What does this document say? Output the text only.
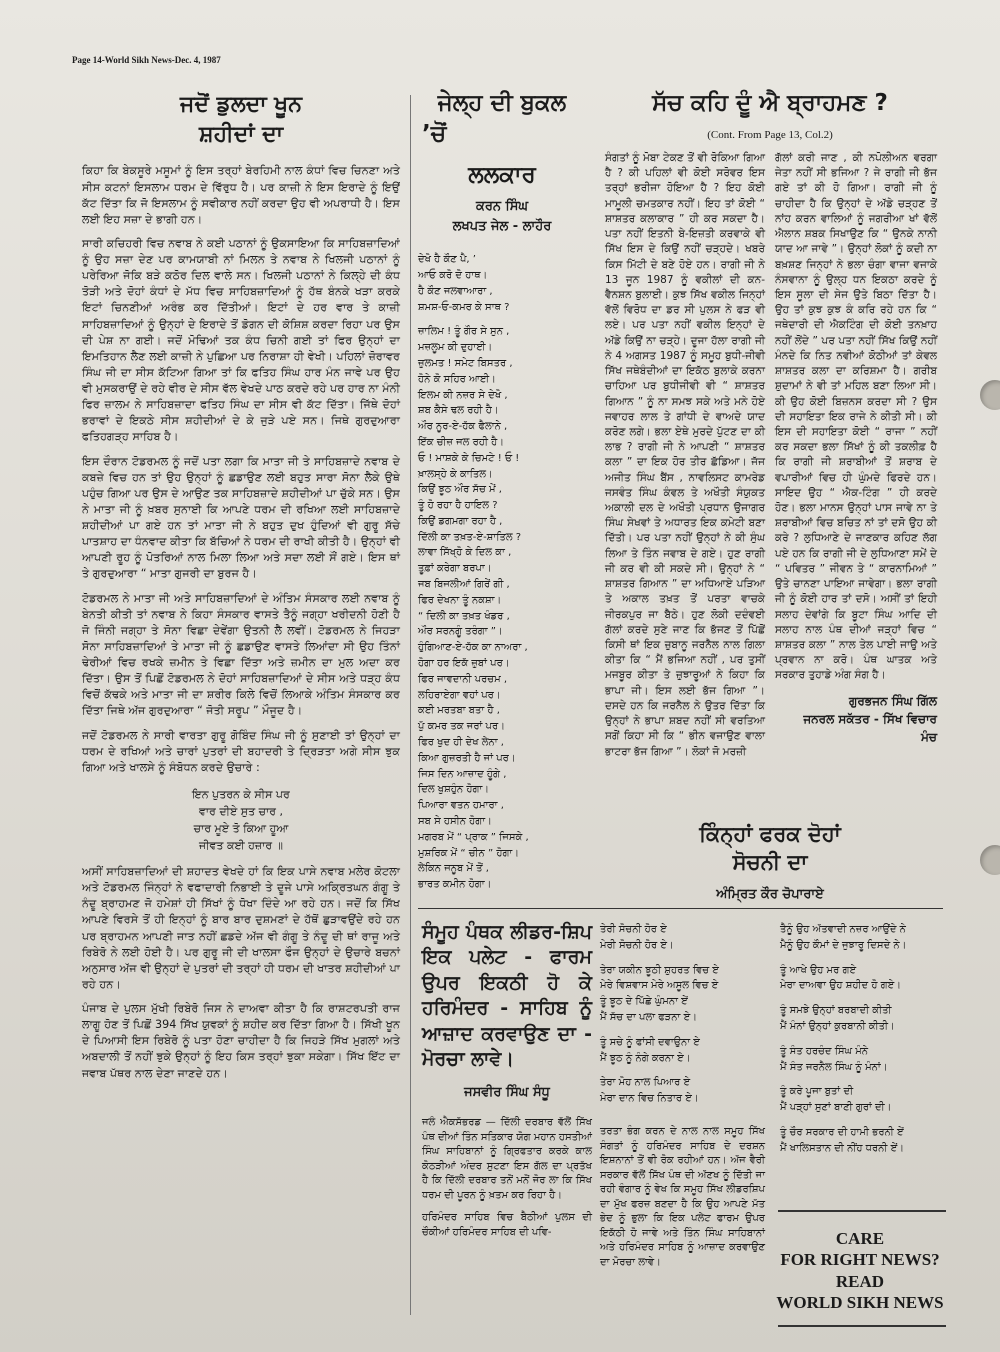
Page 14-World Sikh News-Dec. 4, 1987
ਜਦੋਂ ਡੁਲਦਾ ਖੂਨ
ਸ਼ਹੀਦਾਂ ਦਾ

ਕਿਹਾ ਕਿ ਬੇਕਸੂਰੇ ਮਸੂਮਾਂ ਨੂੰ ਇਸ ਤਰ੍ਹਾਂ ਬੇਰਹਿਮੀ ਨਾਲ ਕੰਧਾਂ ਵਿਚ ਚਿਨਣਾ ਅਤੇ ਸੀਸ ਕਟਨਾਂ ਇਸਲਾਮ ਧਰਮ ਦੇ ਵਿੱਰੁਧ ਹੈ। ਪਰ ਕਾਜ਼ੀ ਨੇ ਇਸ ਇਰਾਦੇ ਨੂੰ ਇਉਂ ਕੱਟ ਦਿੱਤਾ ਕਿ ਜੋ ਇਸਲਾਮ ਨੂੰ ਸਵੀਕਾਰ ਨਹੀਂ ਕਰਦਾ ਉਹ ਵੀ ਅਪਰਾਧੀ ਹੈ। ਇਸ ਲਈ ਇਹ ਸਜ਼ਾ ਦੇ ਭਾਗੀ ਹਨ।

ਸਾਰੀ ਕਚਿਹਰੀ ਵਿਚ ਨਵਾਬ ਨੇ ਕਈ ਪਠਾਨਾਂ ਨੂੰ ਉਕਸਾਇਆ ਕਿ ਸਾਹਿਬਜ਼ਾਦਿਆਂ ਨੂੰ ਉਹ ਸਜ਼ਾ ਦੇਣ ਪਰ ਕਾਮਯਾਬੀ ਨਾਂ ਮਿਲਨ ਤੇ ਨਵਾਬ ਨੇ ਖਿਲਜੀ ਪਠਾਨਾਂ ਨੂੰ ਪਰੇਰਿਆ ਜੋਕਿ ਬੜੇ ਕਠੋਰ ਦਿਲ ਵਾਲੇ ਸਨ। ਖਿਲਜੀ ਪਠਾਨਾਂ ਨੇ ਕਿਲ੍ਹੇ ਦੀ ਕੰਧ ਤੋੜੀ ਅਤੇ ਦੋਹਾਂ ਕੰਧਾਂ ਦੇ ਮੱਧ ਵਿਚ ਸਾਹਿਬਜ਼ਾਦਿਆਂ ਨੂੰ ਹੱਥ ਬੰਨਕੇ ਖੜਾ ਕਰਕੇ ਇਟਾਂ ਚਿਨਣੀਆਂ ਅਰੰਭ ਕਰ ਦਿੱਤੀਆਂ। ਇਟਾਂ ਦੇ ਹਰ ਵਾਰ ਤੇ ਕਾਜ਼ੀ ਸਾਹਿਬਜ਼ਾਦਿਆਂ ਨੂੰ ਉਨ੍ਹਾਂ ਦੇ ਇਰਾਦੇ ਤੋਂ ਡੋਗਨ ਦੀ ਕੋਸ਼ਿਸ਼ ਕਰਦਾ ਰਿਹਾ ਪਰ ਉਸ ਦੀ ਪੇਸ਼ ਨਾ ਗਈ। ਜਦੋਂ ਮੋਢਿਆਂ ਤਕ ਕੰਧ ਚਿਨੀ ਗਈ ਤਾਂ ਫਿਰ ਉਨ੍ਹਾਂ ਦਾ ਇਮਤਿਹਾਨ ਲੈਣ ਲਈ ਕਾਜ਼ੀ ਨੇ ਪੁਛਿਆ ਪਰ ਨਿਰਾਸ਼ਾ ਹੀ ਵੇਖੀ। ਪਹਿਲਾਂ ਜ਼ੋਰਾਵਰ ਸਿੰਘ ਜੀ ਦਾ ਸੀਸ ਕੱਟਿਆ ਗਿਆ ਤਾਂ ਕਿ ਫਤਿਹ ਸਿੰਘ ਹਾਰ ਮੰਨ ਜਾਵੇ ਪਰ ਉਹ ਵੀ ਮੁਸਕਰਾਉਂ ਦੇ ਰਹੇ ਵੀਰ ਦੇ ਸੀਸ ਵੱਲ ਵੇਖਦੇ ਪਾਠ ਕਰਦੇ ਰਹੇ ਪਰ ਹਾਰ ਨਾ ਮੰਨੀ ਫਿਰ ਜ਼ਾਲਮ ਨੇ ਸਾਹਿਬਜ਼ਾਦਾ ਫਤਿਹ ਸਿੰਘ ਦਾ ਸੀਸ ਵੀ ਕੱਟ ਦਿੱਤਾ। ਜਿੱਥੇ ਦੋਹਾਂ ਭਰਾਵਾਂ ਦੇ ਇਕਠੇ ਸੀਸ ਸ਼ਹੀਦੀਆਂ ਦੇ ਕੇ ਜੁੜੇ ਪਏ ਸਨ। ਜਿਥੇ ਗੁਰਦੁਆਰਾ ਫਤਿਹਗੜ੍ਹ ਸਾਹਿਬ ਹੈ।

ਇਸ ਦੌਰਾਨ ਟੋਡਰਮਲ ਨੂੰ ਜਦੋਂ ਪਤਾ ਲਗਾ ਕਿ ਮਾਤਾ ਜੀ ਤੇ ਸਾਹਿਬਜ਼ਾਦੇ ਨਵਾਬ ਦੇ ਕਬਜ਼ੇ ਵਿਚ ਹਨ ਤਾਂ ਉਹ ਉਨ੍ਹਾਂ ਨੂੰ ਛਡਾਉਣ ਲਈ ਬਹੁਤ ਸਾਰਾ ਸੋਨਾ ਲੈਕੇ ਉਥੇ ਪਹੁੰਚ ਗਿਆ ਪਰ ਉਸ ਦੇ ਆਉਣ ਤਕ ਸਾਹਿਬਜ਼ਾਦੇ ਸ਼ਹੀਦੀਆਂ ਪਾ ਚੁੱਕੇ ਸਨ। ਉਸ ਨੇ ਮਾਤਾ ਜੀ ਨੂੰ ਖ਼ਬਰ ਸੁਨਾਈ ਕਿ ਆਪਣੇ ਧਰਮ ਦੀ ਰਖਿਆ ਲਈ ਸਾਹਿਬਜ਼ਾਦੇ ਸ਼ਹੀਦੀਆਂ ਪਾ ਗਏ ਹਨ ਤਾਂ ਮਾਤਾ ਜੀ ਨੇ ਬਹੁਤ ਦੁਖ ਹੁੰਦਿਆਂ ਵੀ ਗੁਰੂ ਸੱਚੇ ਪਾਤਸ਼ਾਹ ਦਾ ਧੰਨਵਾਦ ਕੀਤਾ ਕਿ ਬੱਚਿਆਂ ਨੇ ਧਰਮ ਦੀ ਰਾਖੀ ਕੀਤੀ ਹੈ। ਉਨ੍ਹਾਂ ਵੀ ਆਪਣੀ ਰੂਹ ਨੂੰ ਪੋਤਰਿਆਂ ਨਾਲ ਮਿਲਾ ਲਿਆ ਅਤੇ ਸਦਾ ਲਈ ਸੌਂ ਗਏ। ਇਸ ਥਾਂ ਤੇ ਗੁਰਦੁਆਰਾ “ ਮਾਤਾ ਗੁਜਰੀ ਦਾ ਬੁਰਜ ਹੈ।

ਟੋਡਰਮਲ ਨੇ ਮਾਤਾ ਜੀ ਅਤੇ ਸਾਹਿਬਜ਼ਾਦਿਆਂ ਦੇ ਅੰਤਿਮ ਸੰਸਕਾਰ ਲਈ ਨਵਾਬ ਨੂੰ ਬੇਨਤੀ ਕੀਤੀ ਤਾਂ ਨਵਾਬ ਨੇ ਕਿਹਾ ਸੰਸਕਾਰ ਵਾਸਤੇ ਤੈਨੂੰ ਜਗ੍ਹਾ ਖਰੀਦਨੀ ਹੋਣੀ ਹੈ ਜੋ ਜਿੰਨੀ ਜਗ੍ਹਾ ਤੇ ਸੋਨਾ ਵਿਛਾ ਦੇਵੇਂਗਾ ਉਤਨੀ ਲੈ ਲਵੀਂ। ਟੋਡਰਮਲ ਨੇ ਜਿਹੜਾ ਸੋਨਾ ਸਾਹਿਬਜ਼ਾਦਿਆਂ ਤੇ ਮਾਤਾ ਜੀ ਨੂੰ ਛਡਾਉਣ ਵਾਸਤੇ ਲਿਆਂਦਾ ਸੀ ਉਹ ਤਿੰਨਾਂ ਢੇਰੀਆਂ ਵਿਚ ਰਖਕੇ ਜ਼ਮੀਨ ਤੇ ਵਿਛਾ ਦਿੱਤਾ ਅਤੇ ਜ਼ਮੀਨ ਦਾ ਮੁਲ ਅਦਾ ਕਰ ਦਿੱਤਾ। ਉਸ ਤੋਂ ਪਿਛੋਂ ਟੋਡਰਮਲ ਨੇ ਦੋਹਾਂ ਸਾਹਿਬਜ਼ਾਦਿਆਂ ਦੇ ਸੀਸ ਅਤੇ ਧੜ੍ਹ ਕੰਧ ਵਿਚੋਂ ਕੱਢਕੇ ਅਤੇ ਮਾਤਾ ਜੀ ਦਾ ਸ਼ਰੀਰ ਕਿਲੇ ਵਿਚੋਂ ਲਿਆਕੇ ਅੰਤਿਮ ਸੰਸਕਾਰ ਕਰ ਦਿੱਤਾ ਜਿਥੇ ਅੱਜ ਗੁਰਦੁਆਰਾ “ ਜੋਤੀ ਸਰੂਪ ” ਮੌਜੂਦ ਹੈ।

ਜਦੋਂ ਟੋਡਰਮਲ ਨੇ ਸਾਰੀ ਵਾਰਤਾ ਗੁਰੂ ਗੋਬਿੰਦ ਸਿੰਘ ਜੀ ਨੂੰ ਸੁਣਾਈ ਤਾਂ ਉਨ੍ਹਾਂ ਦਾ ਧਰਮ ਦੇ ਰਖਿਆਂ ਅਤੇ ਚਾਰਾਂ ਪੁਤਰਾਂ ਦੀ ਬਹਾਦਰੀ ਤੇ ਦ੍ਰਿੜਤਾ ਅਗੇ ਸੀਸ ਝੁਕ ਗਿਆ ਅਤੇ ਖਾਲਸੇ ਨੂੰ ਸੰਬੋਧਨ ਕਰਦੇ ਉਚਾਰੇ :

ਇਨ ਪੁਤਰਨ ਕੇ ਸੀਸ ਪਰ
ਵਾਰ ਦੀਏ ਸੁਤ ਚਾਰ ,
ਚਾਰ ਮੂਏ ਤੋ ਕਿਆ ਹੂਆ
ਜੀਵਤ ਕਈ ਹਜ਼ਾਰ ॥

ਅਸੀਂ ਸਾਹਿਬਜ਼ਾਦਿਆਂ ਦੀ ਸ਼ਹਾਦਤ ਵੇਖਦੇ ਹਾਂ ਕਿ ਇਕ ਪਾਸੇ ਨਵਾਬ ਮਲੇਰ ਕੋਟਲਾ ਅਤੇ ਟੋਡਰਮਲ ਜਿੰਨ੍ਹਾਂ ਨੇ ਵਫਾਦਾਰੀ ਨਿਭਾਈ ਤੇ ਦੂਜੇ ਪਾਸੇ ਅਕ੍ਰਿਤਘਨ ਗੰਗੂ ਤੇ ਨੰਦੂ ਬ੍ਰਾਹਮਣ ਜੋ ਹਮੇਸ਼ਾਂ ਹੀ ਸਿੱਖਾਂ ਨੂੰ ਧੋਖਾ ਦਿੰਦੇ ਆ ਰਹੇ ਹਨ। ਜਦੋਂ ਕਿ ਸਿੱਖ ਆਪਣੇ ਵਿਰਸੇ ਤੋਂ ਹੀ ਇਨ੍ਹਾਂ ਨੂੰ ਬਾਰ ਬਾਰ ਦੁਸ਼ਮਣਾਂ ਦੇ ਹੱਥੋਂ ਛੁੜਾਵਉਂਦੇ ਰਹੇ ਹਨ ਪਰ ਬ੍ਰਾਹਮਨ ਆਪਣੀ ਜਾਤ ਨਹੀਂ ਛਡਦੇ ਅੱਜ ਵੀ ਗੰਗੂ ਤੇ ਨੰਦੂ ਦੀ ਥਾਂ ਰਾਜੂ ਅਤੇ ਰਿਬੇਰੋ ਨੇ ਲਈ ਹੋਈ ਹੈ। ਪਰ ਗੁਰੂ ਜੀ ਦੀ ਖਾਲਸਾ ਫੌਜ ਉਨ੍ਹਾਂ ਦੇ ਉਚਾਰੇ ਬਚਨਾਂ ਅਨੁਸਾਰ ਅੱਜ ਵੀ ਉਨ੍ਹਾਂ ਦੇ ਪੁਤਰਾਂ ਦੀ ਤਰ੍ਹਾਂ ਹੀ ਧਰਮ ਦੀ ਖਾਤਰ ਸ਼ਹੀਦੀਆਂ ਪਾ ਰਹੇ ਹਨ।

ਪੰਜਾਬ ਦੇ ਪੁਲਸ ਮੁੱਖੀ ਰਿਬੇਰੋ ਜਿਸ ਨੇ ਦਾਅਵਾ ਕੀਤਾ ਹੈ ਕਿ ਰਾਸ਼ਟਰਪਤੀ ਰਾਜ ਲਾਗੂ ਹੋਣ ਤੋਂ ਪਿਛੋਂ 394 ਸਿੱਖ ਯੁਵਕਾਂ ਨੂੰ ਸ਼ਹੀਦ ਕਰ ਦਿੱਤਾ ਗਿਆ ਹੈ। ਸਿੱਖੀ ਖੂਨ ਦੇ ਪਿਆਸੀ ਇਸ ਰਿਬੇਰੋ ਨੂੰ ਪਤਾ ਹੋਣਾ ਚਾਹੀਦਾ ਹੈ ਕਿ ਜਿਹੜੇ ਸਿੱਖ ਮੁਗਲਾਂ ਅਤੇ ਅਬਦਾਲੀ ਤੋਂ ਨਹੀਂ ਝੁਕੇ ਉਨ੍ਹਾਂ ਨੂੰ ਇਹ ਕਿਸ ਤਰ੍ਹਾਂ ਝੁਕਾ ਸਕੇਗਾ। ਸਿੱਖ ਇੱਟ ਦਾ ਜਵਾਬ ਪੱਥਰ ਨਾਲ ਦੇਣਾ ਜਾਣਦੇ ਹਨ।

ਜੇਲ੍ਹ ਦੀ ਬੁਕਲ
’ਚੋਂ
ਲਲਕਾਰ
ਕਰਨ ਸਿੰਘ
ਲਖਪਤ ਜੇਲ - ਲਾਹੌਰ
ਦੇਖੋ ਹੈ ਕੌਣ ਪੈ, ’
ਆਓ ਕਰੋ ਦੋ ਹਾਥ।
ਹੈ ਕੌਣ ਜਲਵਾਆਰਾ ,
ਸ਼ਮਸ਼-ਓ-ਕਮਰ ਕੇ ਸਾਥ ?
ਜ਼ਾਲਿਮ ! ਤੂੰ ਗੌਰ ਸੇ ਸੁਨ ,
ਮਜ਼ਲੂਮ ਕੀ ਦੁਹਾਈ।
ਜ਼ੁਲਮਤ ! ਸਮੇਟ ਬਿਸਤਰ ,
ਹੋਨੇ ਕੋ ਸਹਿਰ ਆਈ।
ਇਲਮ ਕੀ ਨਜ਼ਰ ਸੇ ਦੇਖੋ ,
ਸ਼ਬ ਕੈਸੇ ਢਲ ਰਹੀ ਹੈ।
ਔਰ ਨੂਰ-ਏ-ਹੱਕ ਫੈਲਾਨੇ ,
ਇੱਕ ਚੀਜ਼ ਜਲ ਰਹੀ ਹੈ।
ਓ ! ਮਾਸ਼ਕੇ ਕੇ ਚਿਮਟੇ ! ਓ !
ਖ਼ਾਲਸ੍ਹੇ ਕੇ ਕਾਤਿਲ।
ਕਿਉਂ ਝੂਠ ਔਰ ਸੱਚ ਮੇਂ ,
ਤੂੰ ਹੋ ਰਹਾ ਹੈ ਹਾਇਲ ?
ਕਿਉਂ ਡਗਮਗਾ ਰਹਾ ਹੈ ,
ਦਿੱਲੀ ਕਾ ਤਖ਼ਤ-ਏ-ਸ਼ਾਤਿਲ ?
ਲਾਵਾ ਸਿੱਖ੍ਹੋ ਕੇ ਦਿਲ ਕਾ ,
ਤੂਫ਼ਾਂ ਕਰੇਗਾ ਬਰਪਾ।
ਜਬ ਬਿਜਲੀਆਂ ਗਿਰੇਂ ਗੀ ,
ਫਿਰ ਦੇਖਨਾ ਤੂੰ ਨਕਸ਼ਾ।
“ ਦਿਲੀ ਕਾ ਤਖ਼ਤ ਖੰਡਰ ,
ਔਰ ਸਰਨਗੂੰ ਤਰੰਗਾ ”।
ਹੁੰਗਿਆਣ-ਏ-ਹੱਕ ਕਾ ਨਾਅਰਾ ,
ਹੋਗਾ ਹਰ ਇਕੱ ਜ਼ੁਬਾਂ ਪਰ।
ਫਿਰ ਜਾਵਦਾਨੀ ਪਰਚਮ ,
ਲਹਿਰਾਏਗਾ ਵਹਾਂ ਪਰ।
ਕਈ ਮਰਤਬਾ ਬਤਾ ਹੈ ,
ਪੁੱ ਕਮਰ ਤਕ ਜਰਾਂ ਪਰ।
ਫਿਰ ਖੁਦ ਹੀ ਦੇਖ ਲੇਨਾ ,
ਕਿਆ ਗੁਜ਼ਰਤੀ ਹੈ ਜਾਂ ਪਰ।
ਜਿਸ ਦਿਨ ਆਜ਼ਾਦ ਹੂੰਗੇ ,
ਦਿਲ ਖੁਸ਼ਹੁੰਨ ਹੋਗਾ।
ਪਿਆਰਾ ਵਤਨ ਹਮਾਰਾ ,
ਸਬ ਸੇ ਹਸੀਨ ਹੋਗਾ।
ਮਗਰਬ ਮੇਂ “ ਪ੍ਰਾਕ ” ਜਿਸਕੇ ,
ਮੁਸ਼ਰਿਕ ਮੇਂ “ ਚੀਨ ” ਹੋਗਾ।
ਲੇਕਿਨ ਜਨੂਬ ਮੇਂ ਤੋਂ ,
ਭਾਰਤ ਕਮੀਨ ਹੋਗਾ।
ਸੱਚ ਕਹਿ ਦੂੰ ਐ ਬ੍ਰਾਹਮਣ ?
(Cont. From Page 13, Col.2)

ਸੰਗਤਾਂ ਨੂੰ ਮੋਬਾ ਟੇਕਣ ਤੋਂ ਵੀ ਰੋਕਿਆ ਗਿਆ ਹੈ ? ਕੀ ਪਹਿਲਾਂ ਵੀ ਕੋਈ ਸਰੋਵਰ ਇਸ ਤਰ੍ਹਾਂ ਭਰੀਜਾ ਹੋਇਆ ਹੈ ? ਇਹ ਕੋਈ ਮਾਮੂਲੀ ਚਮਤਕਾਰ ਨਹੀਂ। ਇਹ ਤਾਂ ਕੋਈ “ ਸ਼ਾਸ਼ਤਰ ਕਲਾਕਾਰ ” ਹੀ ਕਰ ਸਕਦਾ ਹੈ। ਪਤਾ ਨਹੀਂ ਇਤਨੀ ਬੇ-ਇਜ਼ਤੀ ਕਰਵਾਕੇ ਵੀ ਸਿੱਖ ਇਸ ਦੇ ਕਿਉਂ ਨਹੀਂ ਚੜ੍ਹਦੇ। ਖਬਰੇ ਕਿਸ ਮਿੱਟੀ ਦੇ ਬਣੇ ਹੋਏ ਹਨ। ਰਾਗੀ ਜੀ ਨੇ 13 ਜੂਨ 1987 ਨੂੰ ਵਕੀਲਾਂ ਦੀ ਕਨ-ਵੈਨਸ਼ਨ ਬੁਲਾਈ। ਕੁਝ ਸਿੱਖ ਵਕੀਲ ਜਿਨ੍ਹਾਂ ਵੱਲੋਂ ਵਿਰੋਧ ਦਾ ਡਰ ਸੀ ਪੁਲਸ ਨੇ ਫੜ ਵੀ ਲਏ। ਪਰ ਪਤਾ ਨਹੀਂ ਵਕੀਲ ਇਨ੍ਹਾਂ ਦੇ ਅੱਡੇ ਕਿਉਂ ਨਾ ਚੜ੍ਹੇ। ਦੂਜਾ ਹੱਲਾ ਰਾਗੀ ਜੀ ਨੇ 4 ਅਗਸਤ 1987 ਨੂੰ ਸਮੂਹ ਬੁਧੀ-ਜੀਵੀ ਸਿੱਖ ਜਥੇਬੰਦੀਆਂ ਦਾ ਇਕੱਠ ਬੁਲਾਕੇ ਕਰਨਾ ਚਾਹਿਆ ਪਰ ਬੁਧੀਜੀਵੀ ਵੀ “ ਸ਼ਾਸ਼ਤਰ ਗਿਆਨ ” ਨੂੰ ਨਾ ਸਮਝ ਸਕੇ ਅਤੇ ਮਨੇ ਹੋਏ ਜਵਾਹਰ ਲਾਲ ਤੇ ਗਾਂਧੀ ਦੇ ਵਾਅਦੇ ਯਾਦ ਕਰੋਣ ਲਗੇ। ਭਲਾ ਏਥੇ ਮੁਰਦੇ ਪੁੱਟਣ ਦਾ ਕੀ ਲਾਭ ? ਰਾਗੀ ਜੀ ਨੇ ਆਪਣੀ “ ਸ਼ਾਸ਼ਤਰ ਕਲਾ ” ਦਾ ਇਕ ਹੋਰ ਤੀਰ ਛੱਡਿਆ। ਜੱਜ ਅਜੀਤ ਸਿੰਘ ਬੈਂਸ , ਨਾਵਲਿਸਟ ਕਾਮਰੇਡ ਜਸਵੰਤ ਸਿੰਘ ਕੰਵਲ ਤੇ ਅਖੌਤੀ ਸੰਯੁਕਤ ਅਕਾਲੀ ਦਲ ਦੇ ਅਖੌਤੀ ਪ੍ਰਧਾਨ ਉਜਾਗਰ ਸਿੰਘ ਸੇਖਵਾਂ ਤੇ ਅਧਾਰਤ ਇਕ ਕਮੇਟੀ ਬਣਾ ਦਿੱਤੀ। ਪਰ ਪਤਾ ਨਹੀਂ ਉਨ੍ਹਾਂ ਨੇ ਕੀ ਸੁੰਘ ਲਿਆ ਤੇ ਤਿੰਨ ਜਵਾਬ ਦੇ ਗਏ। ਹੁਣ ਰਾਗੀ ਜੀ ਕਰ ਵੀ ਕੀ ਸਕਦੇ ਸੀ। ਉਨ੍ਹਾਂ ਨੇ “ ਸ਼ਾਸ਼ਤਰ ਗਿਆਨ ” ਦਾ ਅਧਿਆਏ ਪੜਿਆ ਤੇ ਅਕਾਲ ਤਖ਼ਤ ਤੋਂ ਪਰਤਾ ਵਾਚਕੇ ਜੀਰਕਪੁਰ ਜਾ ਬੈਠੇ। ਹੁਣ ਲੋਕੀ ਦਦੰਵਈ ਗੱਲਾਂ ਕਰਦੇ ਸੁਣੇ ਜਾਣ ਕਿ ਭੱਜਣ ਤੋਂ ਪਿੱਛੋਂ ਕਿਸੀ ਥਾਂ ਇਕ ਜ਼ੁਬਾਨੂ ਜਰਨੈਲ ਨਾਲ ਗਿਲਾ ਕੀਤਾ ਕਿ “ ਮੈਂ ਭਜਿਆ ਨਹੀਂ , ਪਰ ਤੁਸੀਂ ਮਜਬੂਰ ਕੀਤਾ ਤੇ ਜ਼ੁਝਾਰੂਆਂ ਨੇ ਕਿਹਾ ਕਿ ਭਾਪਾ ਜੀ। ਇਸ ਲਈ ਭੱਜ ਗਿਆ ”। ਦਸਦੇ ਹਨ ਕਿ ਜਰਨੈਲ ਨੇ ਉਤਰ ਦਿੱਤਾ ਕਿ ਉਨ੍ਹਾਂ ਨੇ ਭਾਪਾ ਸ਼ਬਦ ਨਹੀਂ ਸੀ ਵਰਤਿਆ ਸਗੋਂ ਕਿਹਾ ਸੀ ਕਿ “ ਭੀਨ ਵਜਾਉਣ ਵਾਲਾ ਭਾਟਰਾ ਭੱਜ ਗਿਆ ”। ਲੋਕਾਂ ਜੋ ਮਰਜ਼ੀ

ਗੱਲਾਂ ਕਰੀ ਜਾਣ , ਕੀ ਨਪੋਲੀਅਨ ਵਰਗਾ ਜੇਤਾ ਨਹੀਂ ਸੀ ਭਜਿਆ ? ਜੇ ਰਾਗੀ ਜੀ ਭੱਜ ਗਏ ਤਾਂ ਕੀ ਹੋ ਗਿਆ। ਰਾਗੀ ਜੀ ਨੂੰ ਚਾਹੀਦਾ ਹੈ ਕਿ ਉਨ੍ਹਾਂ ਦੇ ਅੱਡੇ ਚੜ੍ਹਣ ਤੋਂ ਨਾਂਹ ਕਰਨ ਵਾਲਿਆਂ ਨੂੰ ਜਗਰੀਆ ਖਾਂ ਵੱਲੋਂ ਐਲਾਨ ਸ਼ਬਕ ਸਿਖਾਉਣ ਕਿ “ ਉਨਕੇ ਨਾਨੀ ਯਾਦ ਆ ਜਾਵੇ ”। ਉਨ੍ਹਾਂ ਲੋਕਾਂ ਨੂੰ ਕਦੀ ਨਾ ਬਖ਼ਸ਼ਣ ਜਿਨ੍ਹਾਂ ਨੇ ਭਲਾ ਚੰਗਾ ਵਾਜਾ ਵਜਾਕੇ ਨੰਸਵਾਨਾ ਨੂੰ ਉਲ੍ਹ ਧਨ ਇਕਠਾ ਕਰਦੇ ਨੂੰ ਇਸ ਸੂਲਾ ਦੀ ਸੇਜ ਉਤੇ ਬਿਠਾ ਦਿੱਤਾ ਹੈ। ਉਹ ਤਾਂ ਕੁਝ ਕੁਝ ਕੰ ਕਰਿ ਰਹੇ ਹਨ ਕਿ “ ਜਥੇਦਾਰੀ ਦੀ ਐਕਟਿੰਗ ਦੀ ਕੋਈ ਤਨਖ਼ਾਹ ਨਹੀਂ ਲੋਂਦੇ ” ਪਰ ਪਤਾ ਨਹੀਂ ਸਿੱਖ ਕਿਉਂ ਨਹੀਂ ਮੰਨਦੇ ਕਿ ਨਿਤ ਨਵੀਆਂ ਕੋਠੀਆਂ ਤਾਂ ਕੇਵਲ ਸ਼ਾਸ਼ਤਰ ਕਲਾ ਦਾ ਕਰਿਸ਼ਮਾ ਹੈ। ਗਰੀਬ ਸ਼ੁਦਾਮਾਂ ਨੇ ਵੀ ਤਾਂ ਮਹਿਲ ਬਣਾ ਲਿਆ ਸੀ। ਕੀ ਉਹ ਕੋਈ ਬਿਜ਼ਨਸ ਕਰਦਾ ਸੀ ? ਉਸ ਦੀ ਸਹਾਇਤਾ ਇਕ ਰਾਜੇ ਨੇ ਕੀਤੀ ਸੀ। ਕੀ ਇਸ ਦੀ ਸਹਾਇਤਾ ਕੋਈ “ ਰਾਜਾ ” ਨਹੀਂ ਕਰ ਸਕਦਾ ਭਲਾ ਸਿੱਖਾਂ ਨੂੰ ਕੀ ਤਕਲੀਫ਼ ਹੈ ਕਿ ਰਾਗੀ ਜੀ ਸ਼ਰਾਬੀਆਂ ਤੋਂ ਸ਼ਰਾਬ ਦੇ ਵਪਾਰੀਆਂ ਵਿਚ ਹੀ ਘੁੰਮਦੇ ਫਿਰਦੇ ਹਨ। ਸਾਇਦ ਉਹ “ ਐਕ-ਟਿੰਗ ” ਹੀ ਕਰਦੇ ਹੋਣ। ਭਲਾ ਮਾਨਸ ਉਨ੍ਹਾਂ ਪਾਸ ਜਾਵੇ ਨਾ ਤੇ ਸ਼ਰਾਬੀਆਂ ਵਿਚ ਬਚਿਤ ਨਾਂ ਤਾਂ ਦਸੋ ਉਹ ਕੀ ਕਰੇ ? ਲੁਧਿਆਣੇ ਦੇ ਜਾਣਕਾਰ ਕਹਿਣ ਲੱਗ ਪਏ ਹਨ ਕਿ ਰਾਗੀ ਜੀ ਦੇ ਲੁਧਿਆਣਾ ਸਮੇਂ ਦੇ “ ਪਵਿਤਰ ” ਜੀਵਨ ਤੇ “ ਕਾਰਨਾਮਿਆਂ ” ਉਤੇ ਚਾਨਣਾ ਪਾਇਆ ਜਾਵੇਗਾ। ਭਲਾ ਰਾਗੀ ਜੀ ਨੂੰ ਕੋਈ ਹਾਰ ਤਾਂ ਦਸੋ। ਅਸੀਂ ਤਾਂ ਇਹੀ ਸਲਾਹ ਦੇਵਾਂਗੇ ਕਿ ਬੂਟਾ ਸਿੰਘ ਆਦਿ ਦੀ ਸਲਾਹ ਨਾਲ ਪੰਥ ਦੀਆਂ ਜੜ੍ਹਾਂ ਵਿਚ “ ਸ਼ਾਸ਼ਤਰ ਕਲਾ ” ਨਾਲ ਤੇਲ ਪਾਈ ਜਾਉ ਅਤੇ ਪ੍ਰਵਾਨ ਨਾ ਕਰੋ। ਪੰਥ ਘਾਤਕ ਅਤੇ ਸਰਕਾਰ ਤੁਹਾਡੇ ਅੰਗ ਸੰਗ ਹੈ।

ਗੁਰਭਜਨ ਸਿੰਘ ਗਿੱਲ
ਜਨਰਲ ਸਕੱਤਰ - ਸਿੱਖ ਵਿਚਾਰ
ਮੰਚ
ਕਿੰਨ੍ਹਾਂ ਫਰਕ ਦੋਹਾਂ
ਸੋਚਨੀ ਦਾ
ਅੰਮ੍ਰਿਤ ਕੌਰ ਚੋਪਾਰਾਏ
ਸੰਮੂਹ ਪੰਥਕ ਲੀਡਰ-ਸ਼ਿਪ ਇਕ ਪਲੇਟ - ਫਾਰਮ ਉਪਰ ਇਕਠੀ ਹੋ ਕੇ ਹਰਿਮੰਦਰ - ਸਾਹਿਬ ਨੂੰ ਆਜ਼ਾਦ ਕਰਵਾਉਣ ਦਾ - ਮੋਰਚਾ ਲਾਵੇ।
ਜਸਵੀਰ ਸਿੰਘ ਸੰਧੂ

ਜਲੰ ਐਕਸੱਭਰਡ — ਦਿੱਲੀ ਦਰਬਾਰ ਵੱਲੋਂ ਸਿੱਖ ਪੰਥ ਦੀਆਂ ਤਿੰਨ ਸਤਿਕਾਰ ਯੋਗ ਮਹਾਨ ਹਸਤੀਆਂ ਸਿੰਘ ਸਾਹਿਬਾਨਾਂ ਨੂੰ ਗ੍ਰਿਫਤਾਰ ਕਰਕੇ ਕਾਲ ਕੋਠੜੀਆਂ ਅੰਦਰ ਸੁਟਣਾ ਇਸ ਗੱਲ ਦਾ ਪ੍ਰਤੱਖ ਹੈ ਕਿ ਦਿੱਲੀ ਦਰਬਾਰ ਤਨੋਂ ਮਨੋਂ ਜੋਰ ਲਾ ਕਿ ਸਿੱਖ ਧਰਮ ਦੀ ਪੂਰਨ ਨੂੰ ਖ਼ਤਮ ਕਰ ਰਿਹਾ ਹੈ।

ਹਰਿਮੰਦਰ ਸਾਹਿਬ ਵਿਚ ਬੈਠੀਆਂ ਪੁਲਸ ਦੀ ਚੌਕੀਆਂ ਹਰਿਮੰਦਰ ਸਾਹਿਬ ਦੀ ਪਵਿ-

ਤੇਰੀ ਸੋਚਨੀ ਹੋਰ ਏ
ਮੇਰੀ ਸੋਚਨੀ ਹੋਰ ਏ।
ਤੇਰਾ ਯਕੀਨ ਝੂਠੀ ਸ਼ੁਹਰਤ ਵਿਚ ਏ
ਮੇਰੇ ਵਿਸ਼ਵਾਸ ਮੇਰੇ ਅਸੂਲ ਵਿਚ ਏ
ਤੂੰ ਝੂਠ ਦੇ ਪਿੱਛੇ ਘੁੰਮਨਾ ਏਂ
ਮੈਂ ਸੱਚ ਦਾ ਪਲਾ ਫੜਨਾ ਏ।
ਤੂੰ ਸਚੇ ਨੂੰ ਫਾਂਸੀ ਦਵਾਉਨਾ ਏ
ਮੈਂ ਝੂਠ ਨੂੰ ਨੰਗੇ ਕਰਨਾ ਏ।
ਤੇਰਾ ਮੋਹ ਨਾਲ ਪਿਆਰ ਏ
ਮੇਰਾ ਦਾਨ ਵਿਚ ਨਿਤਾਰ ਏ।

ਤਰਤਾ ਭੰਗ ਕਰਨ ਦੇ ਨਾਲ ਨਾਲ ਸਮੂਹ ਸਿੱਖ ਸੰਗਤਾਂ ਨੂੰ ਹਰਿਮੰਦਰ ਸਾਹਿਬ ਦੇ ਦਰਸ਼ਨ ਇਸ਼ਨਾਨਾਂ ਤੋਂ ਵੀ ਰੋਕ ਰਹੀਆਂ ਹਨ। ਅੱਜ ਵੈਰੀ ਸਰਕਾਰ ਵੱਲੋਂ ਸਿੱਖ ਪੰਥ ਦੀ ਅੱਣਖ ਨੂੰ ਦਿੱਤੀ ਜਾ ਰਹੀ ਵੰਗਾਰ ਨੂੰ ਵੇਖ ਕਿ ਸਮੂਹ ਸਿੱਖ ਲੀਡਰਸ਼ਿਪ ਦਾ ਮੁੱਖ ਫਰਜ਼ ਬਣਦਾ ਹੈ ਕਿ ਉਹ ਆਪਣੇ ਮੱਤ ਭੇਦ ਨੂੰ ਭੁਲਾ ਕਿ ਇਕ ਪਲੇਟ ਫਾਰਮ ਉਪਰ ਇਕੱਠੀ ਹੋ ਜਾਵੇ ਅਤੇ ਤਿੰਨ ਸਿੰਘ ਸਾਹਿਬਾਨਾਂ ਅਤੇ ਹਰਿਮੰਦਰ ਸਾਹਿਬ ਨੂੰ ਆਜ਼ਾਦ ਕਰਵਾਉਣ ਦਾ ਮੋਰਚਾ ਲਾਵੇ।

ਤੈਨੂੰ ਉਹ ਅੱਤਵਾਦੀ ਨਜ਼ਰ ਆਉਂਦੇ ਨੇ
ਮੈਨੂੰ ਉਹ ਕੌਮਾਂ ਦੇ ਜੁਝਾਰੂ ਦਿਸਦੇ ਨੇ।
ਤੂੰ ਆਖੇ ਉਹ ਮਰ ਗਏ
ਮੇਰਾ ਦਾਅਵਾ ਉਹ ਸ਼ਹੀਦ ਹੋ ਗਏ।
ਤੂੰ ਸਮਝੇ ਉਨ੍ਹਾਂ ਬਰਬਾਦੀ ਕੀਤੀ
ਮੈਂ ਮੰਨਾਂ ਉਨ੍ਹਾਂ ਕੁਰਬਾਨੀ ਕੀਤੀ।
ਤੂੰ ਸੰਤ ਹਰਚੰਦ ਸਿੰਘ ਮੰਨੇ
ਮੈਂ ਸੰਤ ਜਰਨੈਲ ਸਿੰਘ ਨੂੰ ਮੰਨਾਂ।
ਤੂੰ ਕਰੇ ਪੂਜਾ ਬੁਤਾਂ ਦੀ
ਮੈਂ ਪੜ੍ਹਾਂ ਸੁਣਾਂ ਬਾਣੀ ਗੁਰਾਂ ਦੀ।
ਤੂੰ ਚੌਰ ਸਰਕਾਰ ਦੀ ਹਾਮੀ ਭਰਨੀ ਏਂ
ਮੈਂ ਖਾਲਿਸਤਾਨ ਦੀ ਨੀਂਹ ਧਰਨੀ ਏਂ।
CARE
FOR RIGHT NEWS?
READ
WORLD SIKH NEWS
